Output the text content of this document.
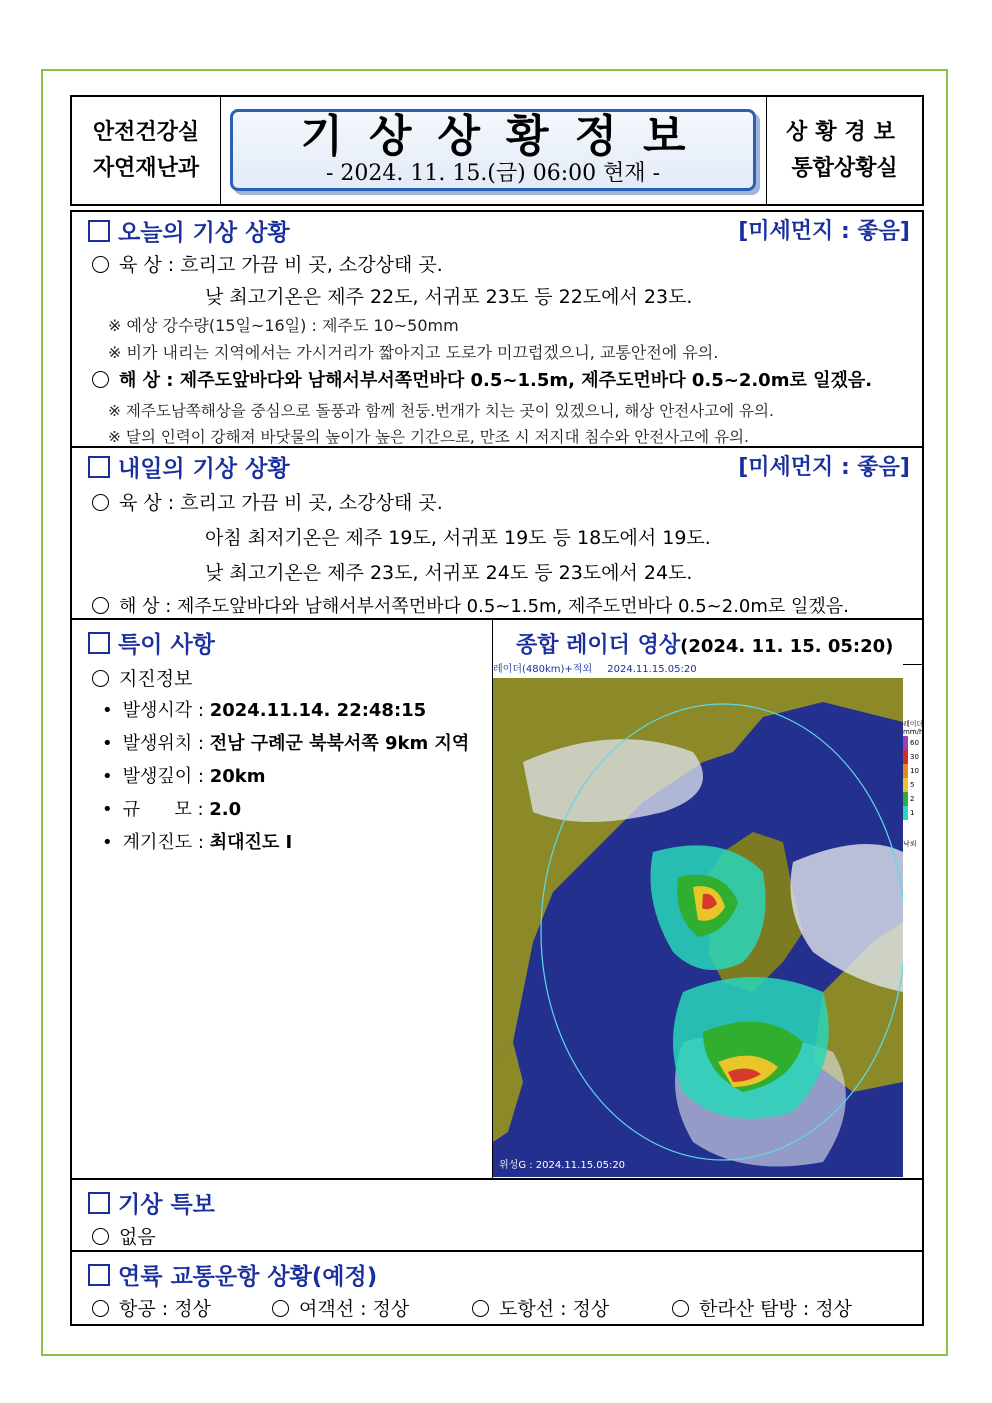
안전건강실
자연재난과
기상상황정보
- 2024. 11. 15.(금) 06:00 현재 -
상황경보
통합상황실
오늘의 기상 상황	[미세먼지 : 좋음]
육 상 : 흐리고 가끔 비 곳, 소강상태 곳.
낮 최고기온은 제주 22도, 서귀포 23도 등 22도에서 23도.
※ 예상 강수량(15일~16일) : 제주도 10~50mm
※ 비가 내리는 지역에서는 가시거리가 짧아지고 도로가 미끄럽겠으니, 교통안전에 유의.
해 상 : 제주도앞바다와 남해서부서쪽먼바다 0.5~1.5m, 제주도먼바다 0.5~2.0m로 일겠음.
※ 제주도남쪽해상을 중심으로 돌풍과 함께 천둥.번개가 치는 곳이 있겠으니, 해상 안전사고에 유의.
※ 달의 인력이 강해져 바닷물의 높이가 높은 기간으로, 만조 시 저지대 침수와 안전사고에 유의.
내일의 기상 상황	[미세먼지 : 좋음]
육 상 : 흐리고 가끔 비 곳, 소강상태 곳.
아침 최저기온은 제주 19도, 서귀포 19도 등 18도에서 19도.
낮 최고기온은 제주 23도, 서귀포 24도 등 23도에서 24도.
해 상 : 제주도앞바다와 남해서부서쪽먼바다 0.5~1.5m, 제주도먼바다 0.5~2.0m로 일겠음.
특이 사항
지진정보
• 발생시각 : 2024.11.14. 22:48:15
• 발생위치 : 전남 구례군 북북서쪽 9km 지역
• 발생깊이 : 20km
• 규      모 : 2.0
• 계기진도 : 최대진도 I
종합 레이더 영상(2024. 11. 15. 05:20)
레이더(480km)+적외 2024.11.15.05:20
위성G : 2024.11.15.05:20
레이더
mm/h
60
30
10
5
2
1
낙뢰
기상 특보
없음
연륙 교통운항 상황(예정)
항공 : 정상	여객선 : 정상	도항선 : 정상	한라산 탐방 : 정상
